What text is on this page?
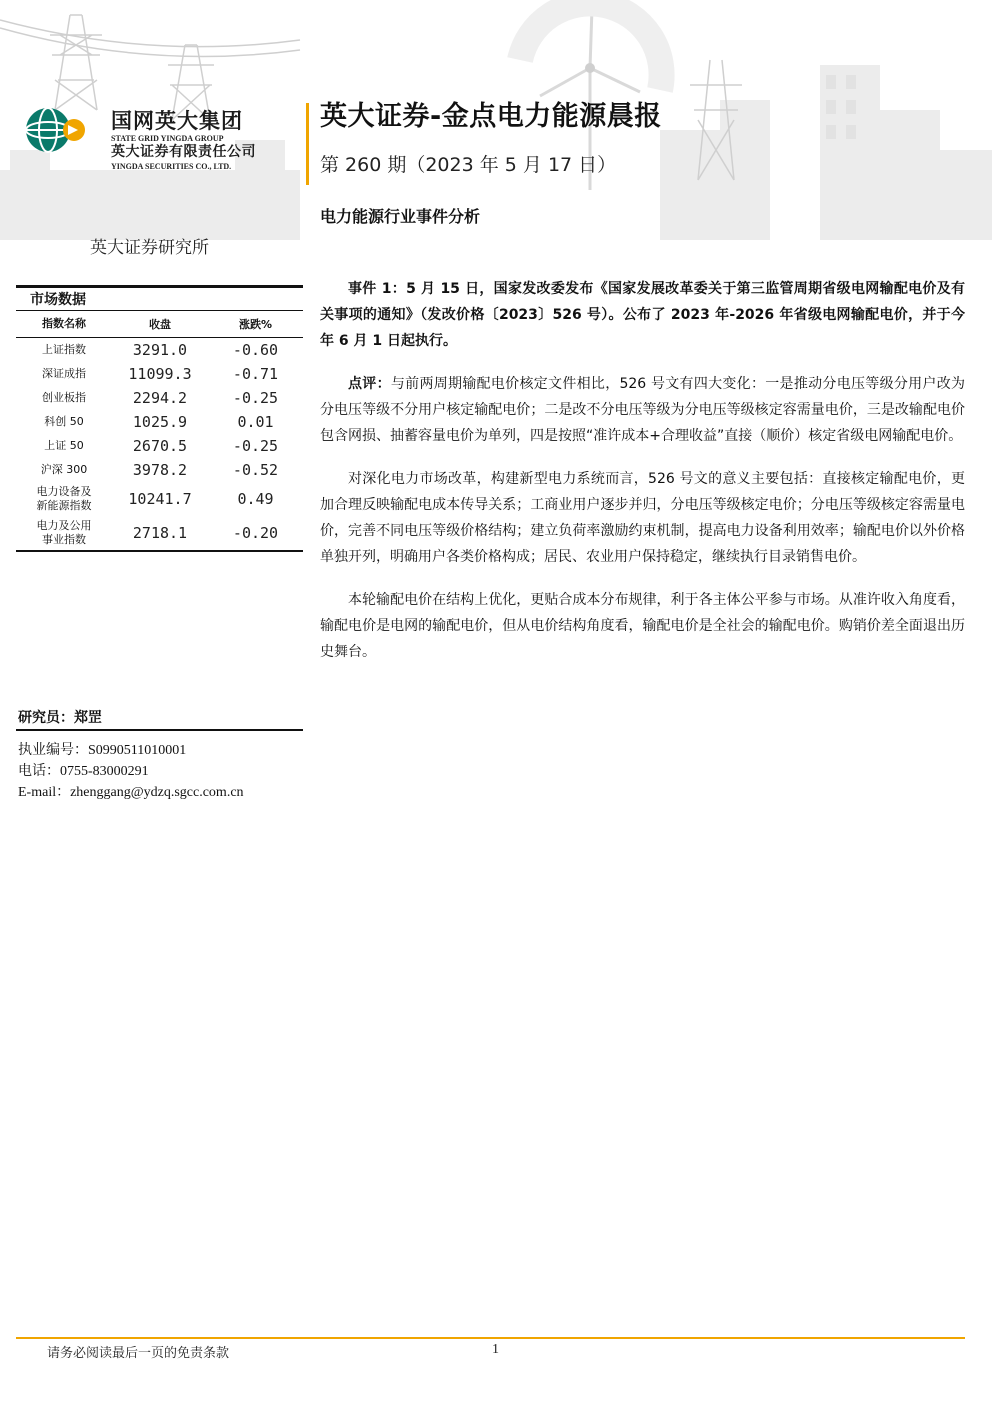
国网英大集团
STATE GRID YINGDA GROUP
英大证券有限责任公司
YINGDA SECURITIES CO., LTD.
英大证券-金点电力能源晨报
第 260 期（2023 年 5 月 17 日）
电力能源行业事件分析
英大证券研究所
市场数据
指数名称	收盘	涨跌%
上证指数	3291.0	-0.60
深证成指	11099.3	-0.71
创业板指	2294.2	-0.25
科创 50	1025.9	0.01
上证 50	2670.5	-0.25
沪深 300	3978.2	-0.52
电力设备及新能源指数	10241.7	0.49
电力及公用事业指数	2718.1	-0.20
研究员：郑罡
执业编号：S0990511010001
电话：0755-83000291
E-mail：zhenggang@ydzq.sgcc.com.cn

事件 1：5 月 15 日，国家发改委发布《国家发展改革委关于第三监管周期省级电网输配电价及有关事项的通知》（发改价格〔2023〕526 号）。公布了 2023 年-2026 年省级电网输配电价，并于今年 6 月 1 日起执行。

点评：与前两周期输配电价核定文件相比，526 号文有四大变化：一是推动分电压等级分用户改为分电压等级不分用户核定输配电价；二是改不分电压等级为分电压等级核定容需量电价，三是改输配电价包含网损、抽蓄容量电价为单列，四是按照“准许成本+合理收益”直接（顺价）核定省级电网输配电价。

对深化电力市场改革，构建新型电力系统而言，526 号文的意义主要包括：直接核定输配电价，更加合理反映输配电成本传导关系；工商业用户逐步并归，分电压等级核定电价；分电压等级核定容需量电价，完善不同电压等级价格结构；建立负荷率激励约束机制，提高电力设备利用效率；输配电价以外价格单独开列，明确用户各类价格构成；居民、农业用户保持稳定，继续执行目录销售电价。

本轮输配电价在结构上优化，更贴合成本分布规律，利于各主体公平参与市场。从准许收入角度看，输配电价是电网的输配电价，但从电价结构角度看，输配电价是全社会的输配电价。购销价差全面退出历史舞台。

请务必阅读最后一页的免责条款	1
